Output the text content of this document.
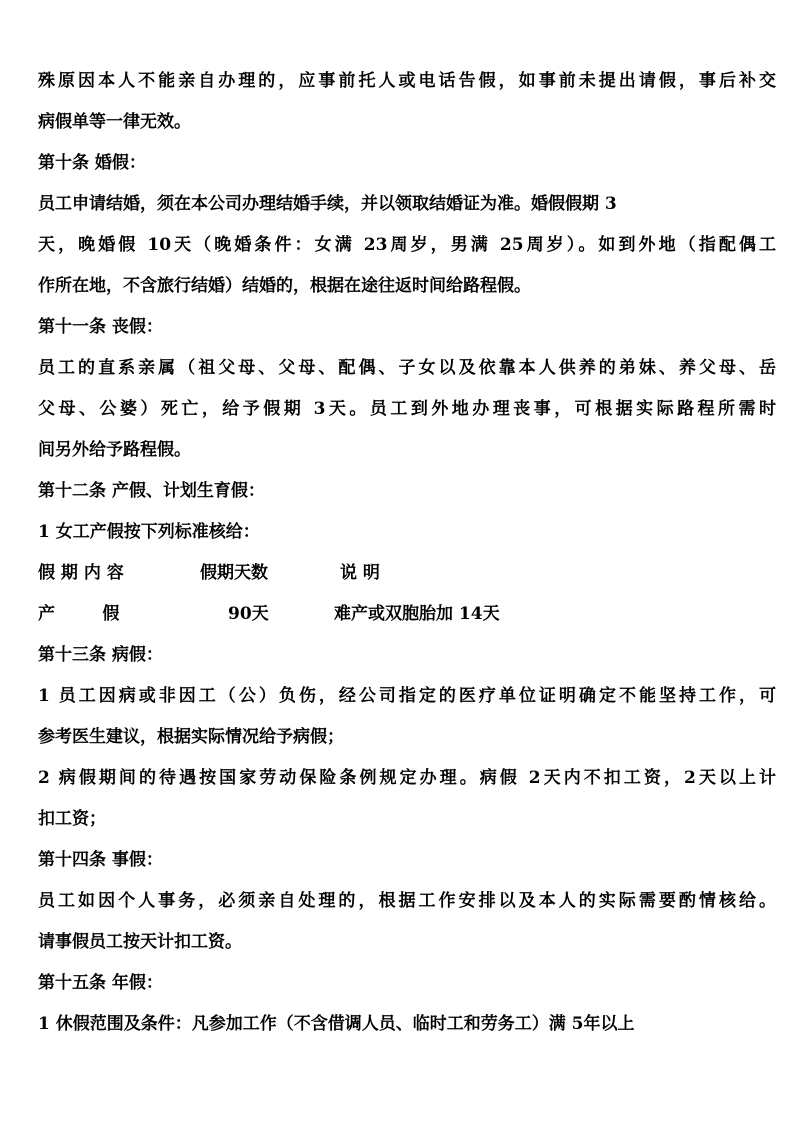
殊原因本人不能亲自办理的，应事前托人或电话告假，如事前未提出请假，事后补交
病假单等一律无效。
第十条 婚假：
员工申请结婚，须在本公司办理结婚手续，并以领取结婚证为准。婚假假期 3
天，晚婚假 10天（晚婚条件：女满 23周岁，男满 25周岁）。如到外地（指配偶工
作所在地，不含旅行结婚）结婚的，根据在途往返时间给路程假。
第十一条 丧假：
员工的直系亲属（祖父母、父母、配偶、子女以及依靠本人供养的弟妹、养父母、岳
父母、公婆）死亡，给予假期 3天。员工到外地办理丧事，可根据实际路程所需时
间另外给予路程假。
第十二条 产假、计划生育假：
1 女工产假按下列标准核给：
假 期 内 容	假期天数	说 明
产        假	90天	难产或双胞胎加 14天
第十三条 病假：
1 员工因病或非因工（公）负伤，经公司指定的医疗单位证明确定不能坚持工作，可
参考医生建议，根据实际情况给予病假；
2 病假期间的待遇按国家劳动保险条例规定办理。病假 2天内不扣工资，2天以上计
扣工资；
第十四条 事假：
员工如因个人事务，必须亲自处理的，根据工作安排以及本人的实际需要酌情核给。
请事假员工按天计扣工资。
第十五条 年假：
1 休假范围及条件：凡参加工作（不含借调人员、临时工和劳务工）满 5年以上
